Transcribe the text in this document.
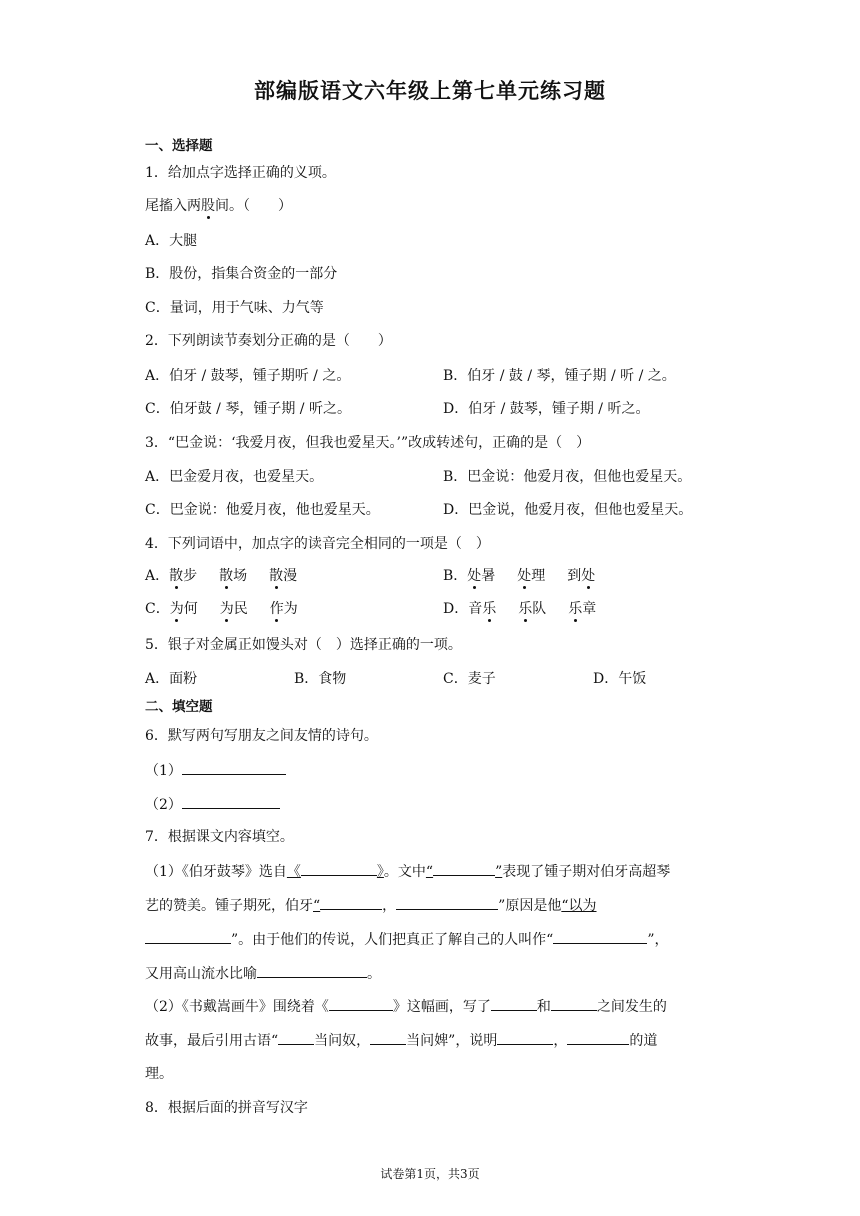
部编版语文六年级上第七单元练习题
一、选择题
1．给加点字选择正确的义项。
尾搐入两股间。（　　）
A．大腿
B．股份，指集合资金的一部分
C．量词，用于气味、力气等
2．下列朗读节奏划分正确的是（　　）
A．伯牙 / 鼓琴，锺子期听 / 之。	B．伯牙 / 鼓 / 琴，锺子期 / 听 / 之。
C．伯牙鼓 / 琴，锺子期 / 听之。	D．伯牙 / 鼓琴，锺子期 / 听之。
3．“巴金说：‘我爱月夜，但我也爱星天。’”改成转述句，正确的是（　）
A．巴金爱月夜，也爱星天。	B．巴金说：他爱月夜，但他也爱星天。
C．巴金说：他爱月夜，他也爱星天。	D．巴金说，他爱月夜，但他也爱星天。
4．下列词语中，加点字的读音完全相同的一项是（　）
A．散步 散场 散漫	B．处暑 处理 到处
C．为何 为民 作为	D．音乐 乐队 乐章
5．银子对金属正如馒头对（　）选择正确的一项。
A．面粉	B．食物	C．麦子	D．午饭
二、填空题
6．默写两句写朋友之间友情的诗句。
（1）
（2）
7．根据课文内容填空。
（1）《伯牙鼓琴》选自《	》。文中“	”表现了锺子期对伯牙高超琴
艺的赞美。锺子期死，伯牙“	，	”原因是他“以为
”。由于他们的传说，人们把真正了解自己的人叫作“	”，
又用高山流水比喻	。
（2）《书戴嵩画牛》围绕着《	》这幅画，写了	和	之间发生的
故事，最后引用古语“	当问奴，	当问婢”，说明	，	的道
理。
8．根据后面的拼音写汉字
试卷第1页，共3页
